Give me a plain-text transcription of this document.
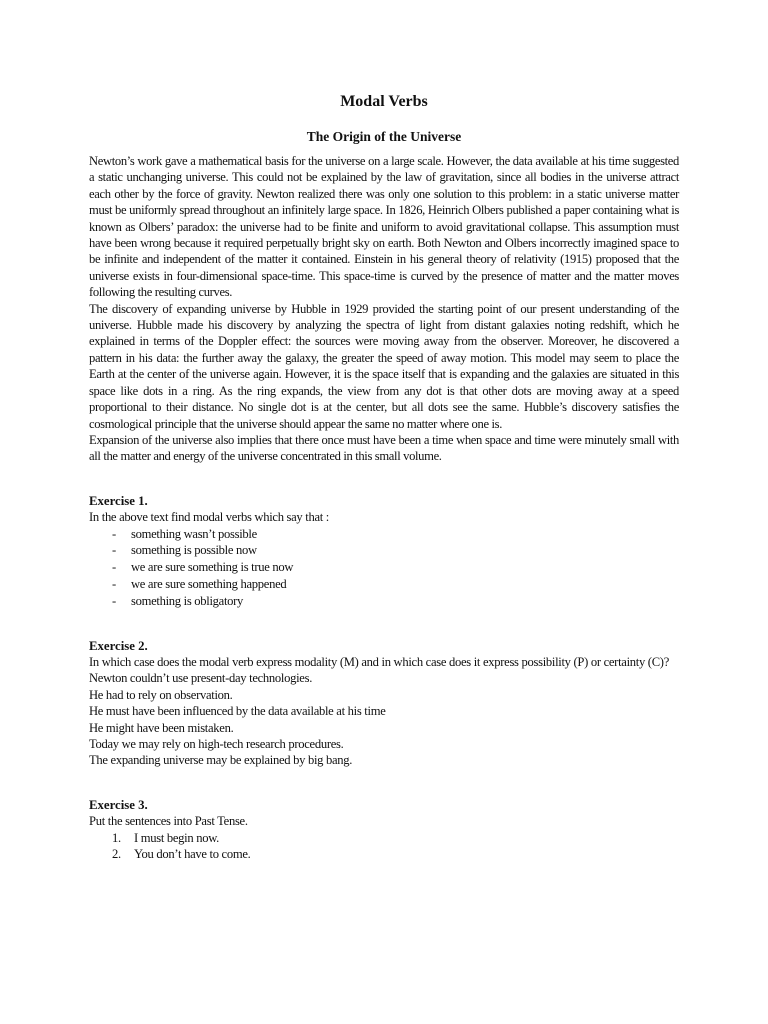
Modal Verbs
The Origin of the Universe

Newton’s work gave a mathematical basis for the universe on a large scale. However, the data available at his time suggested a static unchanging universe. This could not be explained by the law of gravitation, since all bodies in the universe attract each other by the force of gravity. Newton realized there was only one solution to this problem: in a static universe matter must be uniformly spread throughout an infinitely large space. In 1826, Heinrich Olbers published a paper containing what is known as Olbers’ paradox: the universe had to be finite and uniform to avoid gravitational collapse. This assumption must have been wrong because it required perpetually bright sky on earth. Both Newton and Olbers incorrectly imagined space to be infinite and independent of the matter it contained. Einstein in his general theory of relativity (1915) proposed that the universe exists in four-dimensional space-time. This space-time is curved by the presence of matter and the matter moves following the resulting curves.

The discovery of expanding universe by Hubble in 1929 provided the starting point of our present understanding of the universe. Hubble made his discovery by analyzing the spectra of light from distant galaxies noting redshift, which he explained in terms of the Doppler effect: the sources were moving away from the observer. Moreover, he discovered a pattern in his data: the further away the galaxy, the greater the speed of away motion. This model may seem to place the Earth at the center of the universe again. However, it is the space itself that is expanding and the galaxies are situated in this space like dots in a ring. As the ring expands, the view from any dot is that other dots are moving away at a speed proportional to their distance. No single dot is at the center, but all dots see the same. Hubble’s discovery satisfies the cosmological principle that the universe should appear the same no matter where one is.

Expansion of the universe also implies that there once must have been a time when space and time were minutely small with all the matter and energy of the universe concentrated in this small volume.

Exercise 1.

In the above text find modal verbs which say that :

-	something wasn’t possible
-	something is possible now
-	we are sure something is true now
-	we are sure something happened
-	something is obligatory

Exercise 2.

In which case does the modal verb express modality (M) and in which case does it express possibility (P) or certainty (C)?

Newton couldn’t use present-day technologies.

He had to rely on observation.

He must have been influenced by the data available at his time

He might have been mistaken.

Today we may rely on high-tech research procedures.

The expanding universe may be explained by big bang.

Exercise 3.

Put the sentences into Past Tense.

1.	I must begin now.
2.	You don’t have to come.
